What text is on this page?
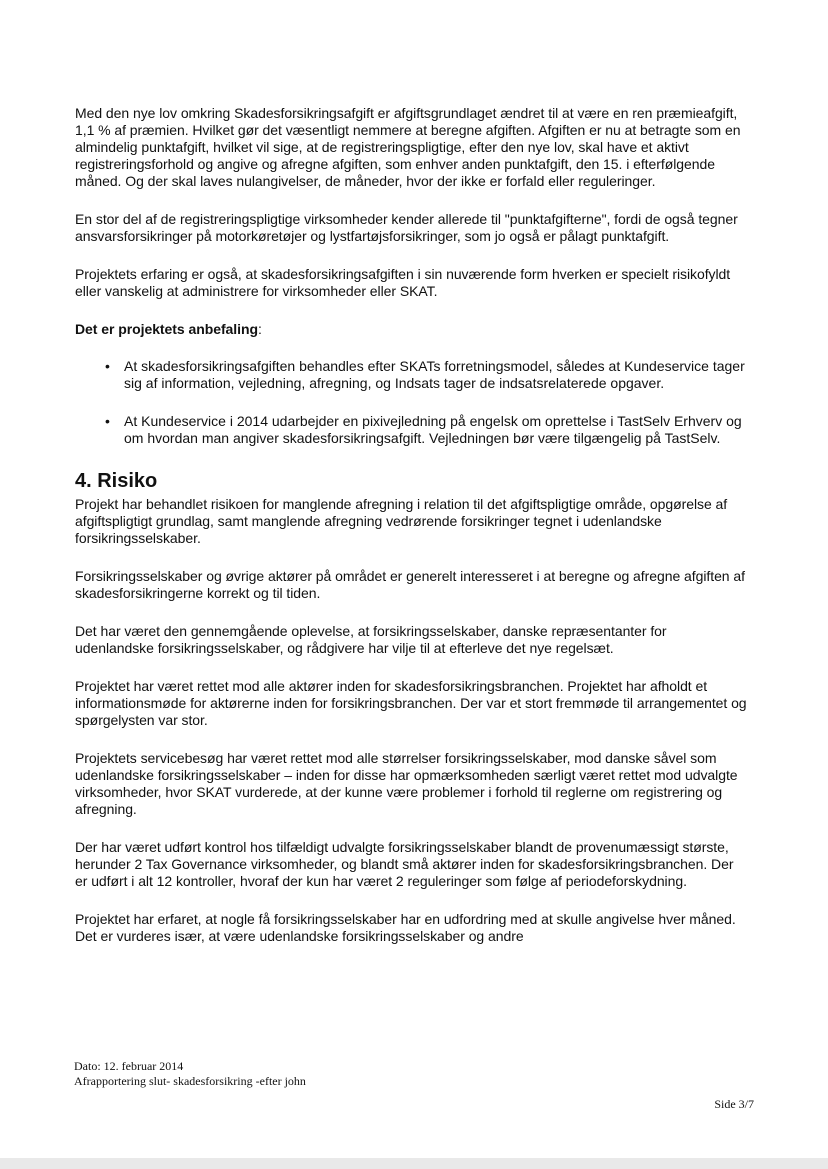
Med den nye lov omkring Skadesforsikringsafgift er afgiftsgrundlaget ændret til at være en ren præmieafgift, 1,1 % af præmien. Hvilket gør det væsentligt nemmere at beregne afgiften. Afgiften er nu at betragte som en almindelig punktafgift, hvilket vil sige, at de registreringspligtige, efter den nye lov, skal have et aktivt registreringsforhold og angive og afregne afgiften, som enhver anden punktafgift, den 15. i efterfølgende måned. Og der skal laves nulangivelser, de måneder, hvor der ikke er forfald eller reguleringer.

En stor del af de registreringspligtige virksomheder kender allerede til "punktafgifterne", fordi de også tegner ansvarsforsikringer på motorkøretøjer og lystfartøjsforsikringer, som jo også er pålagt punktafgift.

Projektets erfaring er også, at skadesforsikringsafgiften i sin nuværende form hverken er specielt risikofyldt eller vanskelig at administrere for virksomheder eller SKAT.

Det er projektets anbefaling:

• At skadesforsikringsafgiften behandles efter SKATs forretningsmodel, således at Kundeservice tager sig af information, vejledning, afregning, og Indsats tager de indsatsrelaterede opgaver.
• At Kundeservice i 2014 udarbejder en pixivejledning på engelsk om oprettelse i TastSelv Erhverv og om hvordan man angiver skadesforsikringsafgift. Vejledningen bør være tilgængelig på TastSelv.
4. Risiko

Projekt har behandlet risikoen for manglende afregning i relation til det afgiftspligtige område, opgørelse af afgiftspligtigt grundlag, samt manglende afregning vedrørende forsikringer tegnet i udenlandske forsikringsselskaber.

Forsikringsselskaber og øvrige aktører på området er generelt interesseret i at beregne og afregne afgiften af skadesforsikringerne korrekt og til tiden.

Det har været den gennemgående oplevelse, at forsikringsselskaber, danske repræsentanter for udenlandske forsikringsselskaber, og rådgivere har vilje til at efterleve det nye regelsæt.

Projektet har været rettet mod alle aktører inden for skadesforsikringsbranchen. Projektet har afholdt et informationsmøde for aktørerne inden for forsikringsbranchen. Der var et stort fremmøde til arrangementet og spørgelysten var stor.

Projektets servicebesøg har været rettet mod alle størrelser forsikringsselskaber, mod danske såvel som udenlandske forsikringsselskaber – inden for disse har opmærksomheden særligt været rettet mod udvalgte virksomheder, hvor SKAT vurderede, at der kunne være problemer i forhold til reglerne om registrering og afregning.

Der har været udført kontrol hos tilfældigt udvalgte forsikringsselskaber blandt de provenumæssigt største, herunder 2 Tax Governance virksomheder, og blandt små aktører inden for skadesforsikringsbranchen. Der er udført i alt 12 kontroller, hvoraf der kun har været 2 reguleringer som følge af periodeforskydning.

Projektet har erfaret, at nogle få forsikringsselskaber har en udfordring med at skulle angivelse hver måned. Det er vurderes især, at være udenlandske forsikringsselskaber og andre

Dato: 12. februar 2014
Afrapportering slut- skadesforsikring -efter john
Side 3/7
